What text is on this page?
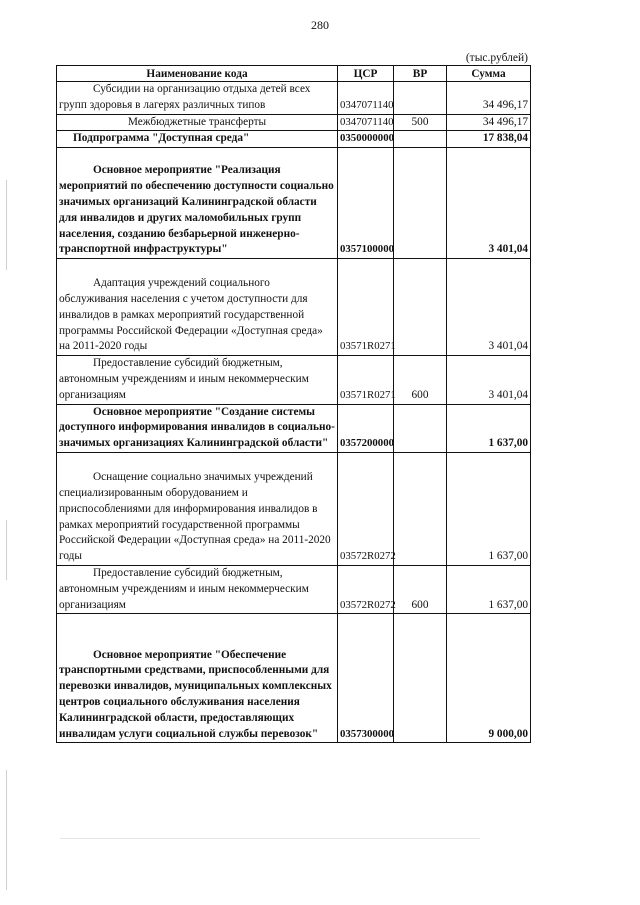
280
(тыс.рублей)
Наименование кода	ЦСР	ВР	Сумма
Субсидии на организацию отдыха детей всех групп здоровья в лагерях различных типов	0347071140		34 496,17
Межбюджетные трансферты	0347071140	500	34 496,17
Подпрограмма "Доступная среда"	0350000000		17 838,04
Основное мероприятие "Реализация мероприятий по обеспечению доступности социально значимых организаций Калининградской области для инвалидов и других маломобильных групп населения, созданию безбарьерной инженерно-транспортной инфраструктуры"	0357100000		3 401,04
Адаптация учреждений социального обслуживания населения с учетом доступности для инвалидов в рамках мероприятий государственной программы Российской Федерации «Доступная среда» на 2011-2020 годы	03571R0271		3 401,04
Предоставление субсидий бюджетным, автономным учреждениям и иным некоммерческим организациям	03571R0271	600	3 401,04
Основное мероприятие "Создание системы доступного информирования инвалидов в социально-значимых организациях Калининградской области"	0357200000		1 637,00
Оснащение социально значимых учреждений специализированным оборудованием и приспособлениями для информирования инвалидов в рамках мероприятий государственной программы Российской Федерации «Доступная среда» на 2011-2020 годы	03572R0272		1 637,00
Предоставление субсидий бюджетным, автономным учреждениям и иным некоммерческим организациям	03572R0272	600	1 637,00
Основное мероприятие "Обеспечение транспортными средствами, приспособленными для перевозки инвалидов, муниципальных комплексных центров социального обслуживания населения Калининградской области, предоставляющих инвалидам услуги социальной службы перевозок"	0357300000		9 000,00
